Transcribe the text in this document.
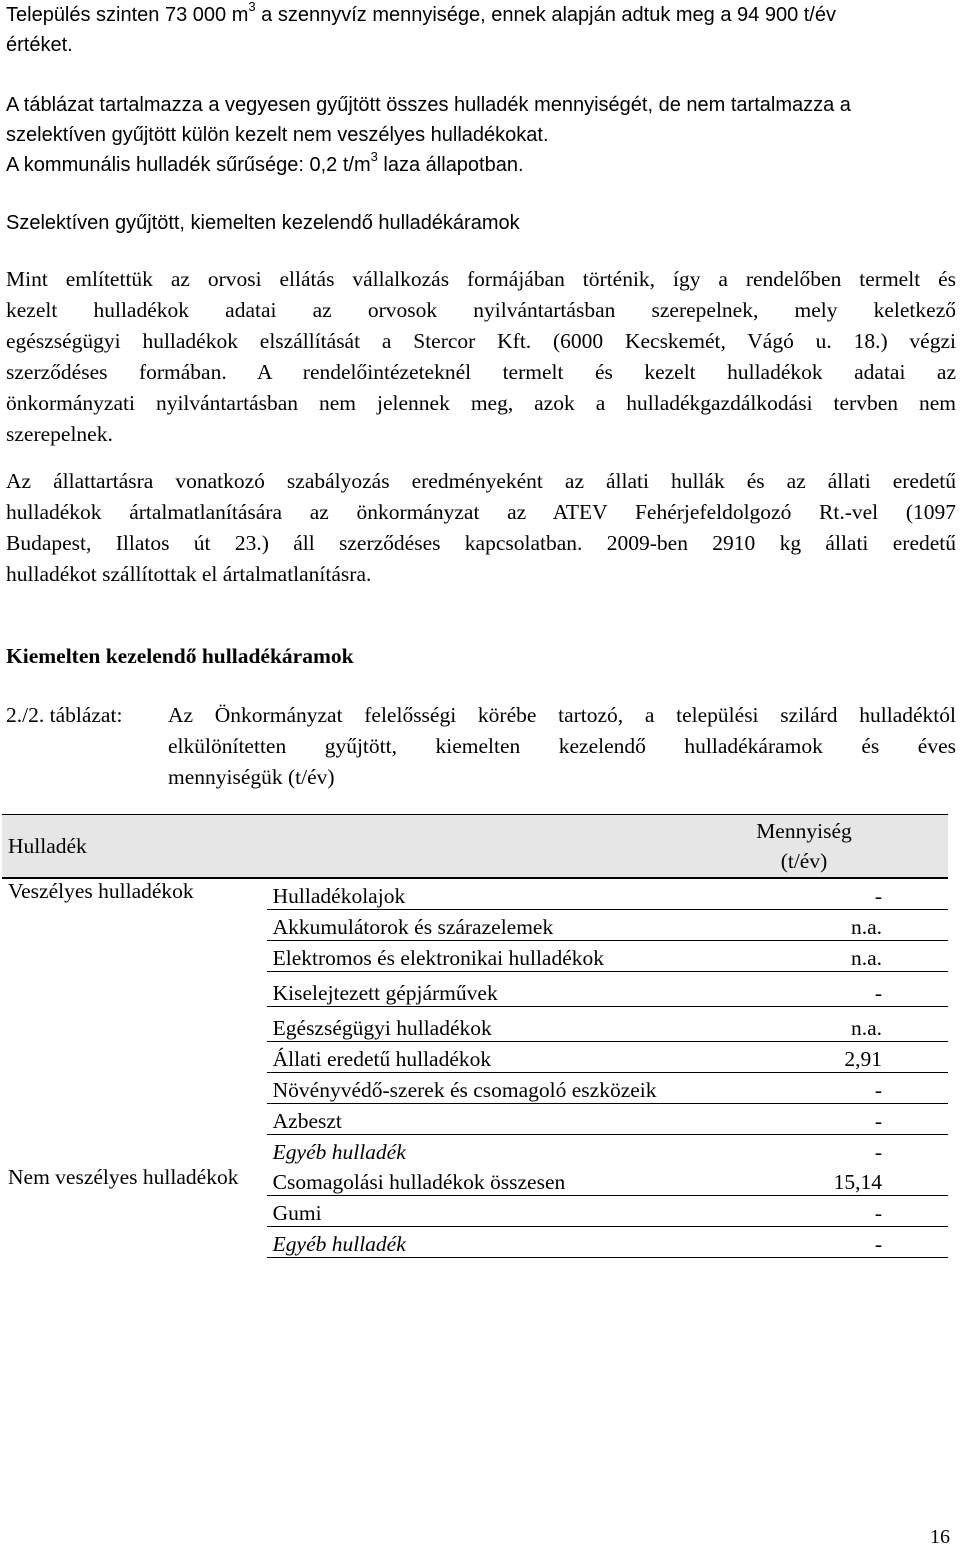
Település szinten 73 000 $m^3$ a szennyvíz mennyisége, ennek alapján adtuk meg a 94 900 t/év
értéket.
A táblázat tartalmazza a vegyesen gyűjtött összes hulladék mennyiségét, de nem tartalmazza a
szelektíven gyűjtött külön kezelt nem veszélyes hulladékokat.
A kommunális hulladék sűrűsége: 0,2 $t/m^3$ laza állapotban.
Szelektíven gyűjtött, kiemelten kezelendő hulladékáramok
Mint említettük az orvosi ellátás vállalkozás formájában történik, így a rendelőben termelt és
kezelt hulladékok adatai az orvosok nyilvántartásban szerepelnek, mely keletkező
egészségügyi hulladékok elszállítását a Stercor Kft. (6000 Kecskemét, Vágó u. 18.) végzi
szerződéses formában. A rendelőintézeteknél termelt és kezelt hulladékok adatai az
önkormányzati nyilvántartásban nem jelennek meg, azok a hulladékgazdálkodási tervben nem
szerepelnek.
Az állattartásra vonatkozó szabályozás eredményeként az állati hullák és az állati eredetű
hulladékok ártalmatlanítására az önkormányzat az ATEV Fehérjefeldolgozó Rt.-vel (1097
Budapest, Illatos út 23.) áll szerződéses kapcsolatban. 2009-ben 2910 kg állati eredetű
hulladékot szállítottak el ártalmatlanításra.
Kiemelten kezelendő hulladékáramok
2./2. táblázat: Az Önkormányzat felelősségi körébe tartozó, a települési szilárd hulladéktól
elkülönítetten gyűjtött, kiemelten kezelendő hulladékáramok és éves
mennyiségük (t/év)
Hulladék		Mennyiség
(t/év)

Veszélyes hulladékok	Hulladékolajok	-
	Akkumulátorok és szárazelemek	n.a.
	Elektromos és elektronikai hulladékok	n.a.
	Kiselejtezett gépjárművek	-
	Egészségügyi hulladékok	n.a.
	Állati eredetű hulladékok	2,91
	Növényvédő-szerek és csomagoló eszközeik	-
	Azbeszt	-
	Egyéb hulladék	-
Nem veszélyes hulladékok	Csomagolási hulladékok összesen	15,14
	Gumi	-
	Egyéb hulladék	-
16
